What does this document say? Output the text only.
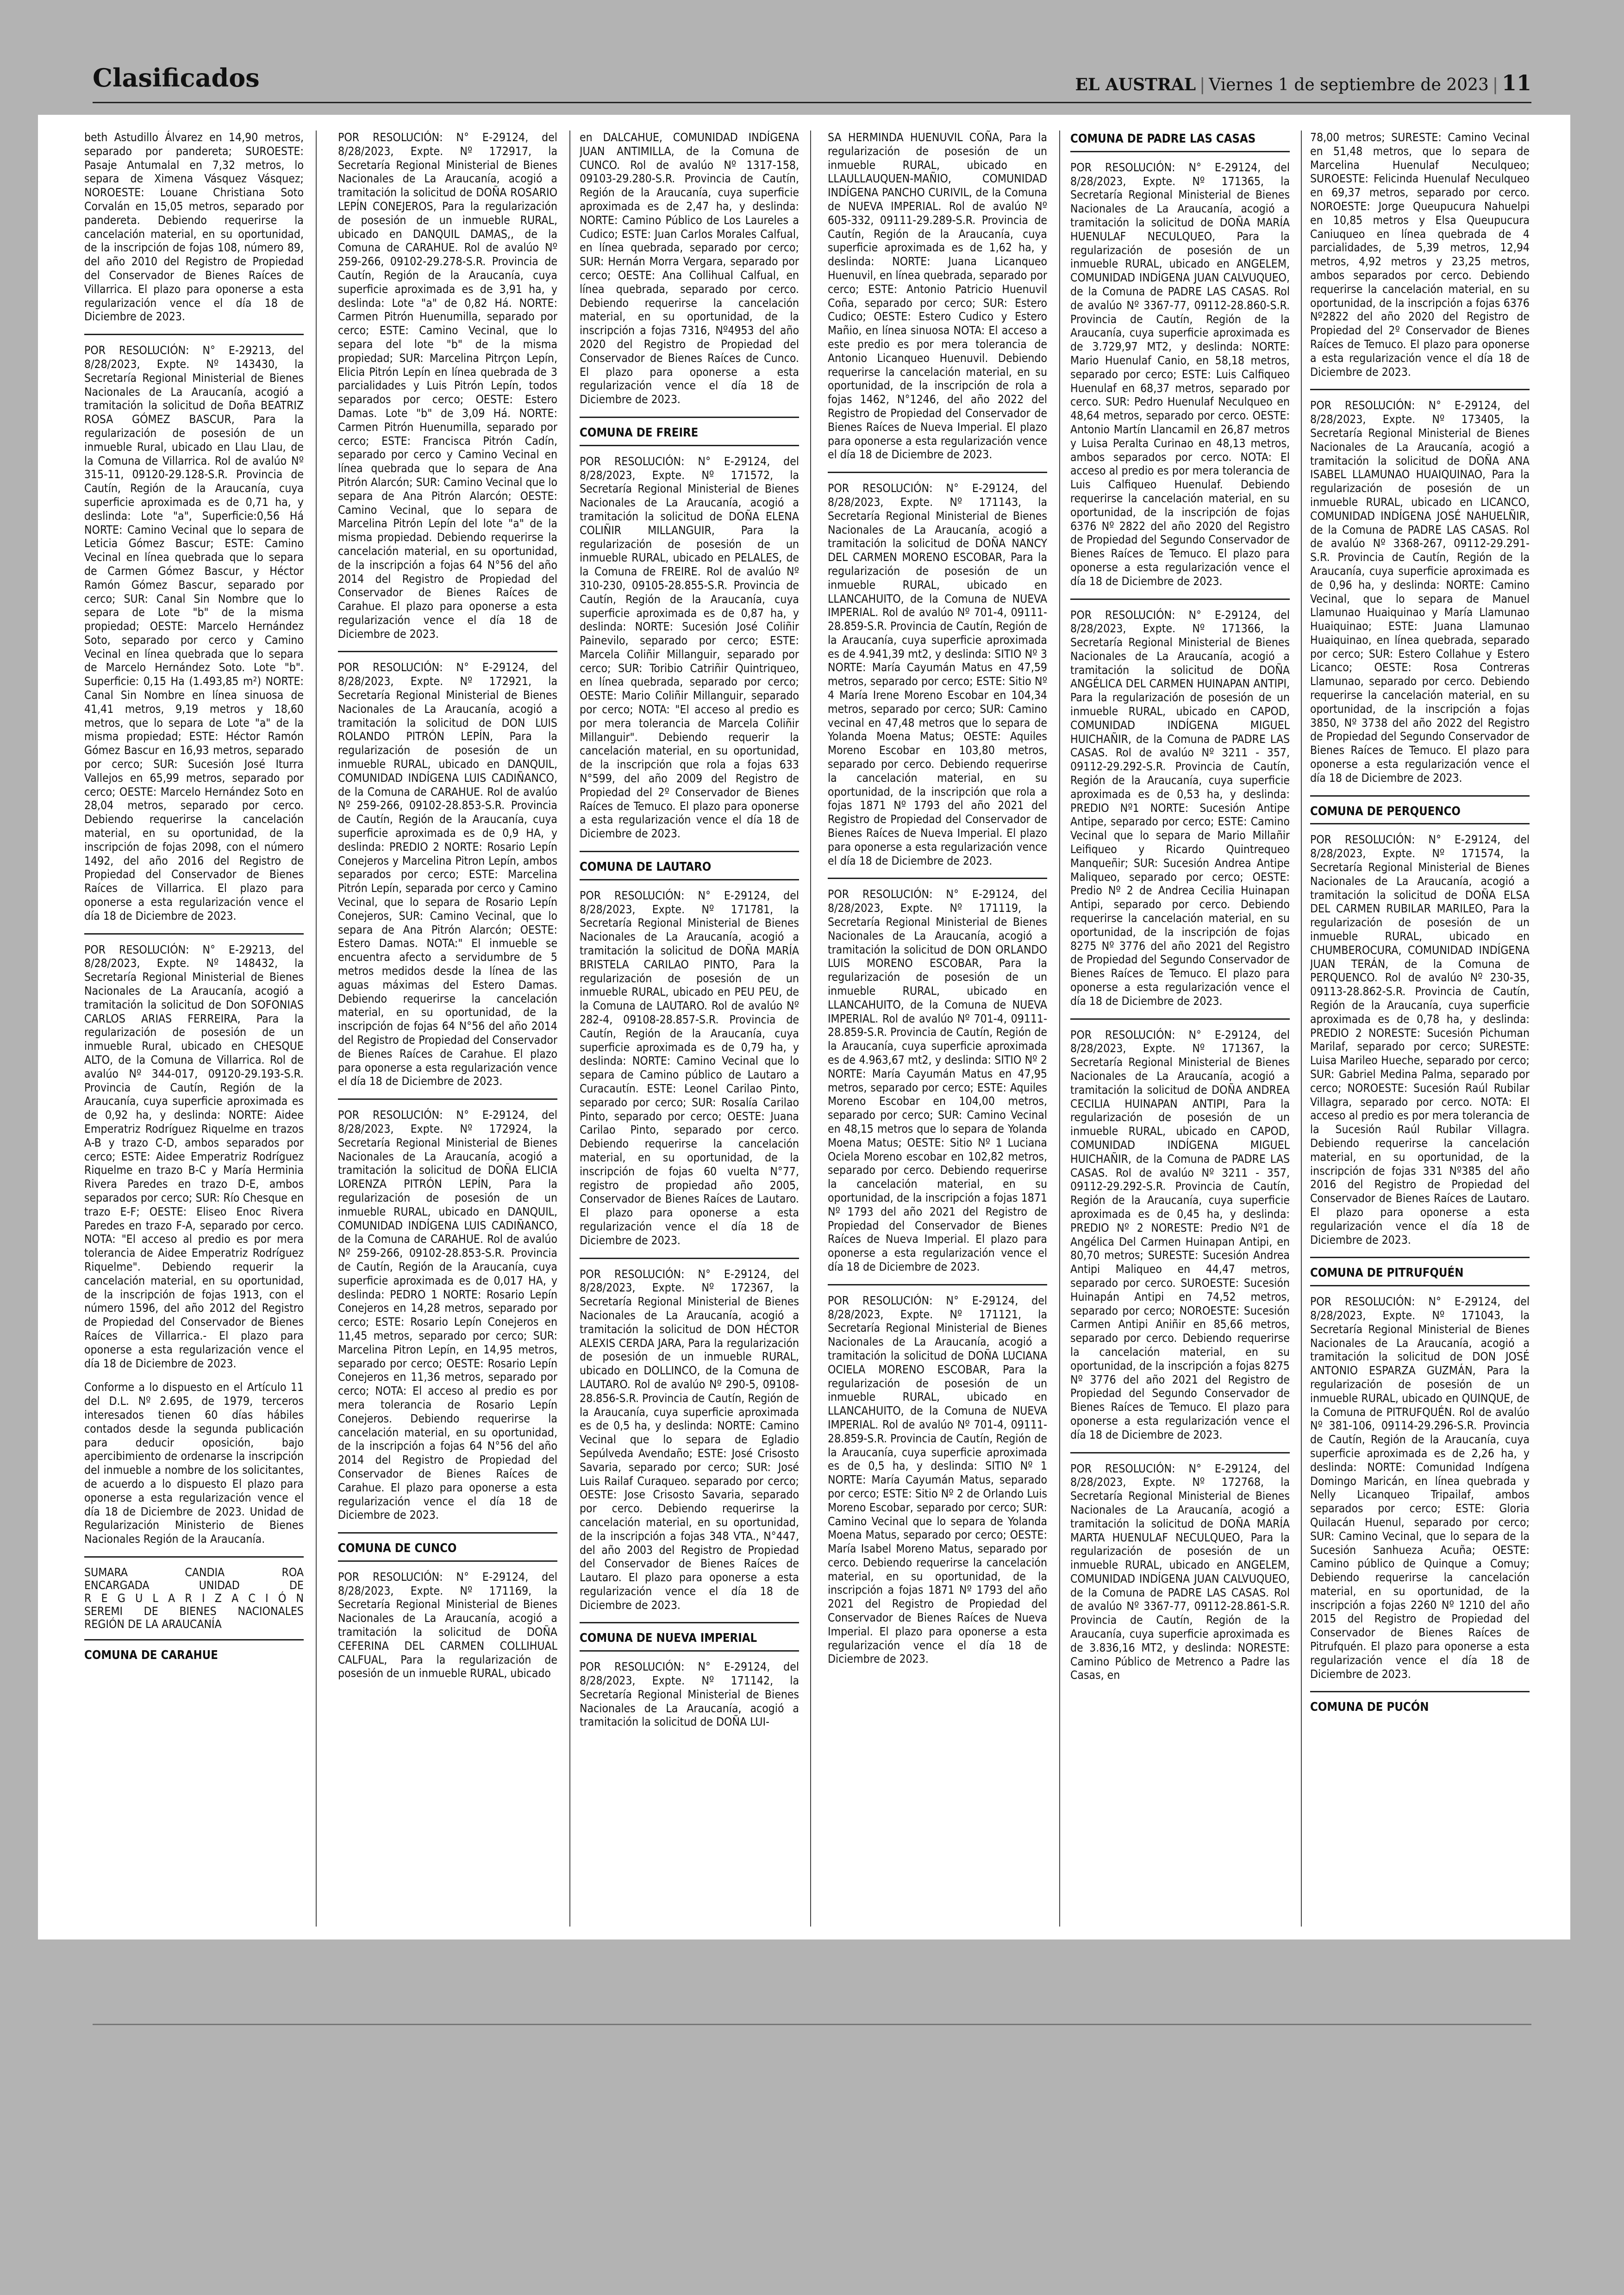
Clasificados	EL AUSTRAL | Viernes 1 de septiembre de 2023 | 11

beth Astudillo Álvarez en 14,90 metros, separado por pandereta; SUROESTE: Pasaje Antumalal en 7,32 metros, lo separa de Ximena Vásquez Vásquez; NOROESTE: Louane Christiana Soto Corvalán en 15,05 metros, separado por pandereta. Debiendo requerirse la cancelación material, en su oportunidad, de la inscripción de fojas 108, número 89, del año 2010 del Registro de Propiedad del Conservador de Bienes Raíces de Villarrica. El plazo para oponerse a esta regularización vence el día 18 de Diciembre de 2023.

POR RESOLUCIÓN: N° E-29213, del 8/28/2023, Expte. Nº 143430, la Secretaría Regional Ministerial de Bienes Nacionales de La Araucanía, acogió a tramitación la solicitud de Doña BEATRIZ ROSA GÓMEZ BASCUR, Para la regularización de posesión de un inmueble Rural, ubicado en Llau Llau, de la Comuna de Villarrica. Rol de avalúo Nº 315-11, 09120-29.128-S.R. Provincia de Cautín, Región de la Araucanía, cuya superficie aproximada es de 0,71 ha, y deslinda: Lote "a", Superficie:0,56 Há NORTE: Camino Vecinal que lo separa de Leticia Gómez Bascur; ESTE: Camino Vecinal en línea quebrada que lo separa de Carmen Gómez Bascur, y Héctor Ramón Gómez Bascur, separado por cerco; SUR: Canal Sin Nombre que lo separa de Lote "b" de la misma propiedad; OESTE: Marcelo Hernández Soto, separado por cerco y Camino Vecinal en línea quebrada que lo separa de Marcelo Hernández Soto. Lote "b". Superficie: 0,15 Ha (1.493,85 m²) NORTE: Canal Sin Nombre en línea sinuosa de 41,41 metros, 9,19 metros y 18,60 metros, que lo separa de Lote "a" de la misma propiedad; ESTE: Héctor Ramón Gómez Bascur en 16,93 metros, separado por cerco; SUR: Sucesión José Iturra Vallejos en 65,99 metros, separado por cerco; OESTE: Marcelo Hernández Soto en 28,04 metros, separado por cerco. Debiendo requerirse la cancelación material, en su oportunidad, de la inscripción de fojas 2098, con el número 1492, del año 2016 del Registro de Propiedad del Conservador de Bienes Raíces de Villarrica. El plazo para oponerse a esta regularización vence el día 18 de Diciembre de 2023.

POR RESOLUCIÓN: N° E-29213, del 8/28/2023, Expte. Nº 148432, la Secretaría Regional Ministerial de Bienes Nacionales de La Araucanía, acogió a tramitación la solicitud de Don SOFONIAS CARLOS ARIAS FERREIRA, Para la regularización de posesión de un inmueble Rural, ubicado en CHESQUE ALTO, de la Comuna de Villarrica. Rol de avalúo Nº 344-017, 09120-29.193-S.R. Provincia de Cautín, Región de la Araucanía, cuya superficie aproximada es de 0,92 ha, y deslinda: NORTE: Aidee Emperatriz Rodríguez Riquelme en trazos A-B y trazo C-D, ambos separados por cerco; ESTE: Aidee Emperatriz Rodríguez Riquelme en trazo B-C y María Herminia Rivera Paredes en trazo D-E, ambos separados por cerco; SUR: Río Chesque en trazo E-F; OESTE: Eliseo Enoc Rivera Paredes en trazo F-A, separado por cerco. NOTA: "El acceso al predio es por mera tolerancia de Aidee Emperatriz Rodríguez Riquelme". Debiendo requerir la cancelación material, en su oportunidad, de la inscripción de fojas 1913, con el número 1596, del año 2012 del Registro de Propiedad del Conservador de Bienes Raíces de Villarrica.- El plazo para oponerse a esta regularización vence el día 18 de Diciembre de 2023.

Conforme a lo dispuesto en el Artículo 11 del D.L. Nº 2.695, de 1979, terceros interesados tienen 60 días hábiles contados desde la segunda publicación para deducir oposición, bajo apercibimiento de ordenarse la inscripción del inmueble a nombre de los solicitantes, de acuerdo a lo dispuesto El plazo para oponerse a esta regularización vence el día 18 de Diciembre de 2023. Unidad de Regularización Ministerio de Bienes Nacionales Región de la Araucanía.

SUMARA CANDIA ROA
ENCARGADA UNIDAD DE
R E G U L A R I Z A C I Ó N
SEREMI DE BIENES NACIONALES
REGIÓN DE LA ARAUCANÍA
COMUNA DE CARAHUE

POR RESOLUCIÓN: N° E-29124, del 8/28/2023, Expte. Nº 172917, la Secretaría Regional Ministerial de Bienes Nacionales de La Araucanía, acogió a tramitación la solicitud de DOÑA ROSARIO LEPÍN CONEJEROS, Para la regularización de posesión de un inmueble RURAL, ubicado en DANQUIL DAMAS,, de la Comuna de CARAHUE. Rol de avalúo Nº 259-266, 09102-29.278-S.R. Provincia de Cautín, Región de la Araucanía, cuya superficie aproximada es de 3,91 ha, y deslinda: Lote "a" de 0,82 Há. NORTE: Carmen Pitrón Huenumilla, separado por cerco; ESTE: Camino Vecinal, que lo separa del lote "b" de la misma propiedad; SUR: Marcelina Pitrçon Lepín, Elicia Pitrón Lepín en línea quebrada de 3 parcialidades y Luis Pitrón Lepín, todos separados por cerco; OESTE: Estero Damas. Lote "b" de 3,09 Há. NORTE: Carmen Pitrón Huenumilla, separado por cerco; ESTE: Francisca Pitrón Cadín, separado por cerco y Camino Vecinal en línea quebrada que lo separa de Ana Pitrón Alarcón; SUR: Camino Vecinal que lo separa de Ana Pitrón Alarcón; OESTE: Camino Vecinal, que lo separa de Marcelina Pitrón Lepín del lote "a" de la misma propiedad. Debiendo requerirse la cancelación material, en su oportunidad, de la inscripción a fojas 64 N°56 del año 2014 del Registro de Propiedad del Conservador de Bienes Raíces de Carahue. El plazo para oponerse a esta regularización vence el día 18 de Diciembre de 2023.

POR RESOLUCIÓN: N° E-29124, del 8/28/2023, Expte. Nº 172921, la Secretaría Regional Ministerial de Bienes Nacionales de La Araucanía, acogió a tramitación la solicitud de DON LUIS ROLANDO PITRÓN LEPÍN, Para la regularización de posesión de un inmueble RURAL, ubicado en DANQUIL, COMUNIDAD INDÍGENA LUIS CADIÑANCO, de la Comuna de CARAHUE. Rol de avalúo Nº 259-266, 09102-28.853-S.R. Provincia de Cautín, Región de la Araucanía, cuya superficie aproximada es de 0,9 HA, y deslinda: PREDIO 2 NORTE: Rosario Lepín Conejeros y Marcelina Pitron Lepín, ambos separados por cerco; ESTE: Marcelina Pitrón Lepín, separada por cerco y Camino Vecinal, que lo separa de Rosario Lepín Conejeros, SUR: Camino Vecinal, que lo separa de Ana Pitrón Alarcón; OESTE: Estero Damas. NOTA:" El inmueble se encuentra afecto a servidumbre de 5 metros medidos desde la línea de las aguas máximas del Estero Damas. Debiendo requerirse la cancelación material, en su oportunidad, de la inscripción de fojas 64 N°56 del año 2014 del Registro de Propiedad del Conservador de Bienes Raíces de Carahue. El plazo para oponerse a esta regularización vence el día 18 de Diciembre de 2023.

POR RESOLUCIÓN: N° E-29124, del 8/28/2023, Expte. Nº 172924, la Secretaría Regional Ministerial de Bienes Nacionales de La Araucanía, acogió a tramitación la solicitud de DOÑA ELICIA LORENZA PITRÓN LEPÍN, Para la regularización de posesión de un inmueble RURAL, ubicado en DANQUIL, COMUNIDAD INDÍGENA LUIS CADIÑANCO, de la Comuna de CARAHUE. Rol de avalúo Nº 259-266, 09102-28.853-S.R. Provincia de Cautín, Región de la Araucanía, cuya superficie aproximada es de 0,017 HA, y deslinda: PEDRO 1 NORTE: Rosario Lepín Conejeros en 14,28 metros, separado por cerco; ESTE: Rosario Lepín Conejeros en 11,45 metros, separado por cerco; SUR: Marcelina Pitron Lepín, en 14,95 metros, separado por cerco; OESTE: Rosario Lepín Conejeros en 11,36 metros, separado por cerco; NOTA: El acceso al predio es por mera tolerancia de Rosario Lepín Conejeros. Debiendo requerirse la cancelación material, en su oportunidad, de la inscripción a fojas 64 N°56 del año 2014 del Registro de Propiedad del Conservador de Bienes Raíces de Carahue. El plazo para oponerse a esta regularización vence el día 18 de Diciembre de 2023.

COMUNA DE CUNCO

POR RESOLUCIÓN: N° E-29124, del 8/28/2023, Expte. Nº 171169, la Secretaría Regional Ministerial de Bienes Nacionales de La Araucanía, acogió a tramitación la solicitud de DOÑA CEFERINA DEL CARMEN COLLIHUAL CALFUAL, Para la regularización de posesión de un inmueble RURAL, ubicado

en DALCAHUE, COMUNIDAD INDÍGENA JUAN ANTIMILLA, de la Comuna de CUNCO. Rol de avalúo Nº 1317-158, 09103-29.280-S.R. Provincia de Cautín, Región de la Araucanía, cuya superficie aproximada es de 2,47 ha, y deslinda: NORTE: Camino Público de Los Laureles a Cudico; ESTE: Juan Carlos Morales Calfual, en línea quebrada, separado por cerco; SUR: Hernán Morra Vergara, separado por cerco; OESTE: Ana Collihual Calfual, en línea quebrada, separado por cerco. Debiendo requerirse la cancelación material, en su oportunidad, de la inscripción a fojas 7316, Nº4953 del año 2020 del Registro de Propiedad del Conservador de Bienes Raíces de Cunco. El plazo para oponerse a esta regularización vence el día 18 de Diciembre de 2023.

COMUNA DE FREIRE

POR RESOLUCIÓN: N° E-29124, del 8/28/2023, Expte. Nº 171572, la Secretaría Regional Ministerial de Bienes Nacionales de La Araucanía, acogió a tramitación la solicitud de DOÑA ELENA COLIÑIR MILLANGUIR, Para la regularización de posesión de un inmueble RURAL, ubicado en PELALES, de la Comuna de FREIRE. Rol de avalúo Nº 310-230, 09105-28.855-S.R. Provincia de Cautín, Región de la Araucanía, cuya superficie aproximada es de 0,87 ha, y deslinda: NORTE: Sucesión José Coliñir Painevilo, separado por cerco; ESTE: Marcela Coliñir Millanguir, separado por cerco; SUR: Toribio Catriñir Quintriqueo, en línea quebrada, separado por cerco; OESTE: Mario Coliñir Millanguir, separado por cerco; NOTA: "El acceso al predio es por mera tolerancia de Marcela Coliñir Millanguir". Debiendo requerir la cancelación material, en su oportunidad, de la inscripción que rola a fojas 633 N°599, del año 2009 del Registro de Propiedad del 2º Conservador de Bienes Raíces de Temuco. El plazo para oponerse a esta regularización vence el día 18 de Diciembre de 2023.

COMUNA DE LAUTARO

POR RESOLUCIÓN: N° E-29124, del 8/28/2023, Expte. Nº 171781, la Secretaría Regional Ministerial de Bienes Nacionales de La Araucanía, acogió a tramitación la solicitud de DOÑA MARÍA BRISTELA CARILAO PINTO, Para la regularización de posesión de un inmueble RURAL, ubicado en PEU PEU, de la Comuna de LAUTARO. Rol de avalúo Nº 282-4, 09108-28.857-S.R. Provincia de Cautín, Región de la Araucanía, cuya superficie aproximada es de 0,79 ha, y deslinda: NORTE: Camino Vecinal que lo separa de Camino público de Lautaro a Curacautín. ESTE: Leonel Carilao Pinto, separado por cerco; SUR: Rosalía Carilao Pinto, separado por cerco; OESTE: Juana Carilao Pinto, separado por cerco. Debiendo requerirse la cancelación material, en su oportunidad, de la inscripción de fojas 60 vuelta N°77, registro de propiedad año 2005, Conservador de Bienes Raíces de Lautaro. El plazo para oponerse a esta regularización vence el día 18 de Diciembre de 2023.

POR RESOLUCIÓN: N° E-29124, del 8/28/2023, Expte. Nº 172367, la Secretaría Regional Ministerial de Bienes Nacionales de La Araucanía, acogió a tramitación la solicitud de DON HÉCTOR ALEXIS CERDA JARA, Para la regularización de posesión de un inmueble RURAL, ubicado en DOLLINCO, de la Comuna de LAUTARO. Rol de avalúo Nº 290-5, 09108-28.856-S.R. Provincia de Cautín, Región de la Araucanía, cuya superficie aproximada es de 0,5 ha, y deslinda: NORTE: Camino Vecinal que lo separa de Egladio Sepúlveda Avendaño; ESTE: José Crisosto Savaria, separado por cerco; SUR: José Luis Railaf Curaqueo. separado por cerco; OESTE: Jose Crisosto Savaria, separado por cerco. Debiendo requerirse la cancelación material, en su oportunidad, de la inscripción a fojas 348 VTA., N°447, del año 2003 del Registro de Propiedad del Conservador de Bienes Raíces de Lautaro. El plazo para oponerse a esta regularización vence el día 18 de Diciembre de 2023.

COMUNA DE NUEVA IMPERIAL

POR RESOLUCIÓN: N° E-29124, del 8/28/2023, Expte. Nº 171142, la Secretaría Regional Ministerial de Bienes Nacionales de La Araucanía, acogió a tramitación la solicitud de DOÑA LUI-

SA HERMINDA HUENUVIL COÑA, Para la regularización de posesión de un inmueble RURAL, ubicado en LLAULLAUQUEN-MAÑIO, COMUNIDAD INDÍGENA PANCHO CURIVIL, de la Comuna de NUEVA IMPERIAL. Rol de avalúo Nº 605-332, 09111-29.289-S.R. Provincia de Cautín, Región de la Araucanía, cuya superficie aproximada es de 1,62 ha, y deslinda: NORTE: Juana Licanqueo Huenuvil, en línea quebrada, separado por cerco; ESTE: Antonio Patricio Huenuvil Coña, separado por cerco; SUR: Estero Cudico; OESTE: Estero Cudico y Estero Mañio, en línea sinuosa NOTA: El acceso a este predio es por mera tolerancia de Antonio Licanqueo Huenuvil. Debiendo requerirse la cancelación material, en su oportunidad, de la inscripción de rola a fojas 1462, N°1246, del año 2022 del Registro de Propiedad del Conservador de Bienes Raíces de Nueva Imperial. El plazo para oponerse a esta regularización vence el día 18 de Diciembre de 2023.

POR RESOLUCIÓN: N° E-29124, del 8/28/2023, Expte. Nº 171143, la Secretaría Regional Ministerial de Bienes Nacionales de La Araucanía, acogió a tramitación la solicitud de DOÑA NANCY DEL CARMEN MORENO ESCOBAR, Para la regularización de posesión de un inmueble RURAL, ubicado en LLANCAHUITO, de la Comuna de NUEVA IMPERIAL. Rol de avalúo Nº 701-4, 09111-28.859-S.R. Provincia de Cautín, Región de la Araucanía, cuya superficie aproximada es de 4.941,39 mt2, y deslinda: SITIO Nº 3 NORTE: María Cayumán Matus en 47,59 metros, separado por cerco; ESTE: Sitio Nº 4 María Irene Moreno Escobar en 104,34 metros, separado por cerco; SUR: Camino vecinal en 47,48 metros que lo separa de Yolanda Moena Matus; OESTE: Aquiles Moreno Escobar en 103,80 metros, separado por cerco. Debiendo requerirse la cancelación material, en su oportunidad, de la inscripción que rola a fojas 1871 Nº 1793 del año 2021 del Registro de Propiedad del Conservador de Bienes Raíces de Nueva Imperial. El plazo para oponerse a esta regularización vence el día 18 de Diciembre de 2023.

POR RESOLUCIÓN: N° E-29124, del 8/28/2023, Expte. Nº 171119, la Secretaría Regional Ministerial de Bienes Nacionales de La Araucanía, acogió a tramitación la solicitud de DON ORLANDO LUIS MORENO ESCOBAR, Para la regularización de posesión de un inmueble RURAL, ubicado en LLANCAHUITO, de la Comuna de NUEVA IMPERIAL. Rol de avalúo Nº 701-4, 09111-28.859-S.R. Provincia de Cautín, Región de la Araucanía, cuya superficie aproximada es de 4.963,67 mt2, y deslinda: SITIO Nº 2 NORTE: María Cayumán Matus en 47,95 metros, separado por cerco; ESTE: Aquiles Moreno Escobar en 104,00 metros, separado por cerco; SUR: Camino Vecinal en 48,15 metros que lo separa de Yolanda Moena Matus; OESTE: Sitio Nº 1 Luciana Ociela Moreno escobar en 102,82 metros, separado por cerco. Debiendo requerirse la cancelación material, en su oportunidad, de la inscripción a fojas 1871 Nº 1793 del año 2021 del Registro de Propiedad del Conservador de Bienes Raíces de Nueva Imperial. El plazo para oponerse a esta regularización vence el día 18 de Diciembre de 2023.

POR RESOLUCIÓN: N° E-29124, del 8/28/2023, Expte. Nº 171121, la Secretaría Regional Ministerial de Bienes Nacionales de La Araucanía, acogió a tramitación la solicitud de DOÑA LUCIANA OCIELA MORENO ESCOBAR, Para la regularización de posesión de un inmueble RURAL, ubicado en LLANCAHUITO, de la Comuna de NUEVA IMPERIAL. Rol de avalúo Nº 701-4, 09111-28.859-S.R. Provincia de Cautín, Región de la Araucanía, cuya superficie aproximada es de 0,5 ha, y deslinda: SITIO Nº 1 NORTE: María Cayumán Matus, separado por cerco; ESTE: Sitio Nº 2 de Orlando Luis Moreno Escobar, separado por cerco; SUR: Camino Vecinal que lo separa de Yolanda Moena Matus, separado por cerco; OESTE: María Isabel Moreno Matus, separado por cerco. Debiendo requerirse la cancelación material, en su oportunidad, de la inscripción a fojas 1871 Nº 1793 del año 2021 del Registro de Propiedad del Conservador de Bienes Raíces de Nueva Imperial. El plazo para oponerse a esta regularización vence el día 18 de Diciembre de 2023.

COMUNA DE PADRE LAS CASAS

POR RESOLUCIÓN: N° E-29124, del 8/28/2023, Expte. Nº 171365, la Secretaría Regional Ministerial de Bienes Nacionales de La Araucanía, acogió a tramitación la solicitud de DOÑA MARÍA HUENULAF NECULQUEO, Para la regularización de posesión de un inmueble RURAL, ubicado en ANGELEM, COMUNIDAD INDÍGENA JUAN CALVUQUEO, de la Comuna de PADRE LAS CASAS. Rol de avalúo Nº 3367-77, 09112-28.860-S.R. Provincia de Cautín, Región de la Araucanía, cuya superficie aproximada es de 3.729,97 MT2, y deslinda: NORTE: Mario Huenulaf Canio, en 58,18 metros, separado por cerco; ESTE: Luis Calfiqueo Huenulaf en 68,37 metros, separado por cerco. SUR: Pedro Huenulaf Neculqueo en 48,64 metros, separado por cerco. OESTE: Antonio Martín Llancamil en 26,87 metros y Luisa Peralta Curinao en 48,13 metros, ambos separados por cerco. NOTA: El acceso al predio es por mera tolerancia de Luis Calfiqueo Huenulaf. Debiendo requerirse la cancelación material, en su oportunidad, de la inscripción de fojas 6376 Nº 2822 del año 2020 del Registro de Propiedad del Segundo Conservador de Bienes Raíces de Temuco. El plazo para oponerse a esta regularización vence el día 18 de Diciembre de 2023.

POR RESOLUCIÓN: N° E-29124, del 8/28/2023, Expte. Nº 171366, la Secretaría Regional Ministerial de Bienes Nacionales de La Araucanía, acogió a tramitación la solicitud de DOÑA ANGÉLICA DEL CARMEN HUINAPAN ANTIPI, Para la regularización de posesión de un inmueble RURAL, ubicado en CAPOD, COMUNIDAD INDÍGENA MIGUEL HUICHAÑIR, de la Comuna de PADRE LAS CASAS. Rol de avalúo Nº 3211 - 357, 09112-29.292-S.R. Provincia de Cautín, Región de la Araucanía, cuya superficie aproximada es de 0,53 ha, y deslinda: PREDIO Nº1 NORTE: Sucesión Antipe Antipe, separado por cerco; ESTE: Camino Vecinal que lo separa de Mario Millañir Leifiqueo y Ricardo Quintrequeo Manqueñir; SUR: Sucesión Andrea Antipe Maliqueo, separado por cerco; OESTE: Predio Nº 2 de Andrea Cecilia Huinapan Antipi, separado por cerco. Debiendo requerirse la cancelación material, en su oportunidad, de la inscripción de fojas 8275 Nº 3776 del año 2021 del Registro de Propiedad del Segundo Conservador de Bienes Raíces de Temuco. El plazo para oponerse a esta regularización vence el día 18 de Diciembre de 2023.

POR RESOLUCIÓN: N° E-29124, del 8/28/2023, Expte. Nº 171367, la Secretaría Regional Ministerial de Bienes Nacionales de La Araucanía, acogió a tramitación la solicitud de DOÑA ANDREA CECILIA HUINAPAN ANTIPI, Para la regularización de posesión de un inmueble RURAL, ubicado en CAPOD, COMUNIDAD INDÍGENA MIGUEL HUICHAÑIR, de la Comuna de PADRE LAS CASAS. Rol de avalúo Nº 3211 - 357, 09112-29.292-S.R. Provincia de Cautín, Región de la Araucanía, cuya superficie aproximada es de 0,45 ha, y deslinda: PREDIO Nº 2 NORESTE: Predio Nº1 de Angélica Del Carmen Huinapan Antipi, en 80,70 metros; SURESTE: Sucesión Andrea Antipi Maliqueo en 44,47 metros, separado por cerco. SUROESTE: Sucesión Huinapán Antipi en 74,52 metros, separado por cerco; NOROESTE: Sucesión Carmen Antipi Aniñir en 85,66 metros, separado por cerco. Debiendo requerirse la cancelación material, en su oportunidad, de la inscripción a fojas 8275 Nº 3776 del año 2021 del Registro de Propiedad del Segundo Conservador de Bienes Raíces de Temuco. El plazo para oponerse a esta regularización vence el día 18 de Diciembre de 2023.

POR RESOLUCIÓN: N° E-29124, del 8/28/2023, Expte. Nº 172768, la Secretaría Regional Ministerial de Bienes Nacionales de La Araucanía, acogió a tramitación la solicitud de DOÑA MARÍA MARTA HUENULAF NECULQUEO, Para la regularización de posesión de un inmueble RURAL, ubicado en ANGELEM, COMUNIDAD INDÍGENA JUAN CALVUQUEO, de la Comuna de PADRE LAS CASAS. Rol de avalúo Nº 3367-77, 09112-28.861-S.R. Provincia de Cautín, Región de la Araucanía, cuya superficie aproximada es de 3.836,16 MT2, y deslinda: NORESTE: Camino Público de Metrenco a Padre las Casas, en

78,00 metros; SURESTE: Camino Vecinal en 51,48 metros, que lo separa de Marcelina Huenulaf Neculqueo; SUROESTE: Felicinda Huenulaf Neculqueo en 69,37 metros, separado por cerco. NOROESTE: Jorge Queupucura Nahuelpi en 10,85 metros y Elsa Queupucura Caniuqueo en línea quebrada de 4 parcialidades, de 5,39 metros, 12,94 metros, 4,92 metros y 23,25 metros, ambos separados por cerco. Debiendo requerirse la cancelación material, en su oportunidad, de la inscripción a fojas 6376 Nº2822 del año 2020 del Registro de Propiedad del 2º Conservador de Bienes Raíces de Temuco. El plazo para oponerse a esta regularización vence el día 18 de Diciembre de 2023.

POR RESOLUCIÓN: N° E-29124, del 8/28/2023, Expte. Nº 173405, la Secretaría Regional Ministerial de Bienes Nacionales de La Araucanía, acogió a tramitación la solicitud de DOÑA ANA ISABEL LLAMUNAO HUAIQUINAO, Para la regularización de posesión de un inmueble RURAL, ubicado en LICANCO, COMUNIDAD INDÍGENA JOSÉ NAHUELÑIR, de la Comuna de PADRE LAS CASAS. Rol de avalúo Nº 3368-267, 09112-29.291-S.R. Provincia de Cautín, Región de la Araucanía, cuya superficie aproximada es de 0,96 ha, y deslinda: NORTE: Camino Vecinal, que lo separa de Manuel Llamunao Huaiquinao y María Llamunao Huaiquinao; ESTE: Juana Llamunao Huaiquinao, en línea quebrada, separado por cerco; SUR: Estero Collahue y Estero Licanco; OESTE: Rosa Contreras Llamunao, separado por cerco. Debiendo requerirse la cancelación material, en su oportunidad, de la inscripción a fojas 3850, Nº 3738 del año 2022 del Registro de Propiedad del Segundo Conservador de Bienes Raíces de Temuco. El plazo para oponerse a esta regularización vence el día 18 de Diciembre de 2023.

COMUNA DE PERQUENCO

POR RESOLUCIÓN: N° E-29124, del 8/28/2023, Expte. Nº 171574, la Secretaría Regional Ministerial de Bienes Nacionales de La Araucanía, acogió a tramitación la solicitud de DOÑA ELSA DEL CARMEN RUBILAR MARILEO, Para la regularización de posesión de un inmueble RURAL, ubicado en CHUMBEROCURA, COMUNIDAD INDÍGENA JUAN TERÁN, de la Comuna de PERQUENCO. Rol de avalúo Nº 230-35, 09113-28.862-S.R. Provincia de Cautín, Región de la Araucanía, cuya superficie aproximada es de 0,78 ha, y deslinda: PREDIO 2 NORESTE: Sucesión Pichuman Marilaf, separado por cerco; SURESTE: Luisa Marileo Hueche, separado por cerco; SUR: Gabriel Medina Palma, separado por cerco; NOROESTE: Sucesión Raúl Rubilar Villagra, separado por cerco. NOTA: El acceso al predio es por mera tolerancia de la Sucesión Raúl Rubilar Villagra. Debiendo requerirse la cancelación material, en su oportunidad, de la inscripción de fojas 331 Nº385 del año 2016 del Registro de Propiedad del Conservador de Bienes Raíces de Lautaro. El plazo para oponerse a esta regularización vence el día 18 de Diciembre de 2023.

COMUNA DE PITRUFQUÉN

POR RESOLUCIÓN: N° E-29124, del 8/28/2023, Expte. Nº 171043, la Secretaría Regional Ministerial de Bienes Nacionales de La Araucanía, acogió a tramitación la solicitud de DON JOSÉ ANTONIO ESPARZA GUZMÁN, Para la regularización de posesión de un inmueble RURAL, ubicado en QUINQUE, de la Comuna de PITRUFQUÉN. Rol de avalúo Nº 381-106, 09114-29.296-S.R. Provincia de Cautín, Región de la Araucanía, cuya superficie aproximada es de 2,26 ha, y deslinda: NORTE: Comunidad Indígena Domingo Maricán, en línea quebrada y Nelly Licanqueo Tripailaf, ambos separados por cerco; ESTE: Gloria Quilacán Huenul, separado por cerco; SUR: Camino Vecinal, que lo separa de la Sucesión Sanhueza Acuña; OESTE: Camino público de Quinque a Comuy; Debiendo requerirse la cancelación material, en su oportunidad, de la inscripción a fojas 2260 Nº 1210 del año 2015 del Registro de Propiedad del Conservador de Bienes Raíces de Pitrufquén. El plazo para oponerse a esta regularización vence el día 18 de Diciembre de 2023.

COMUNA DE PUCÓN
